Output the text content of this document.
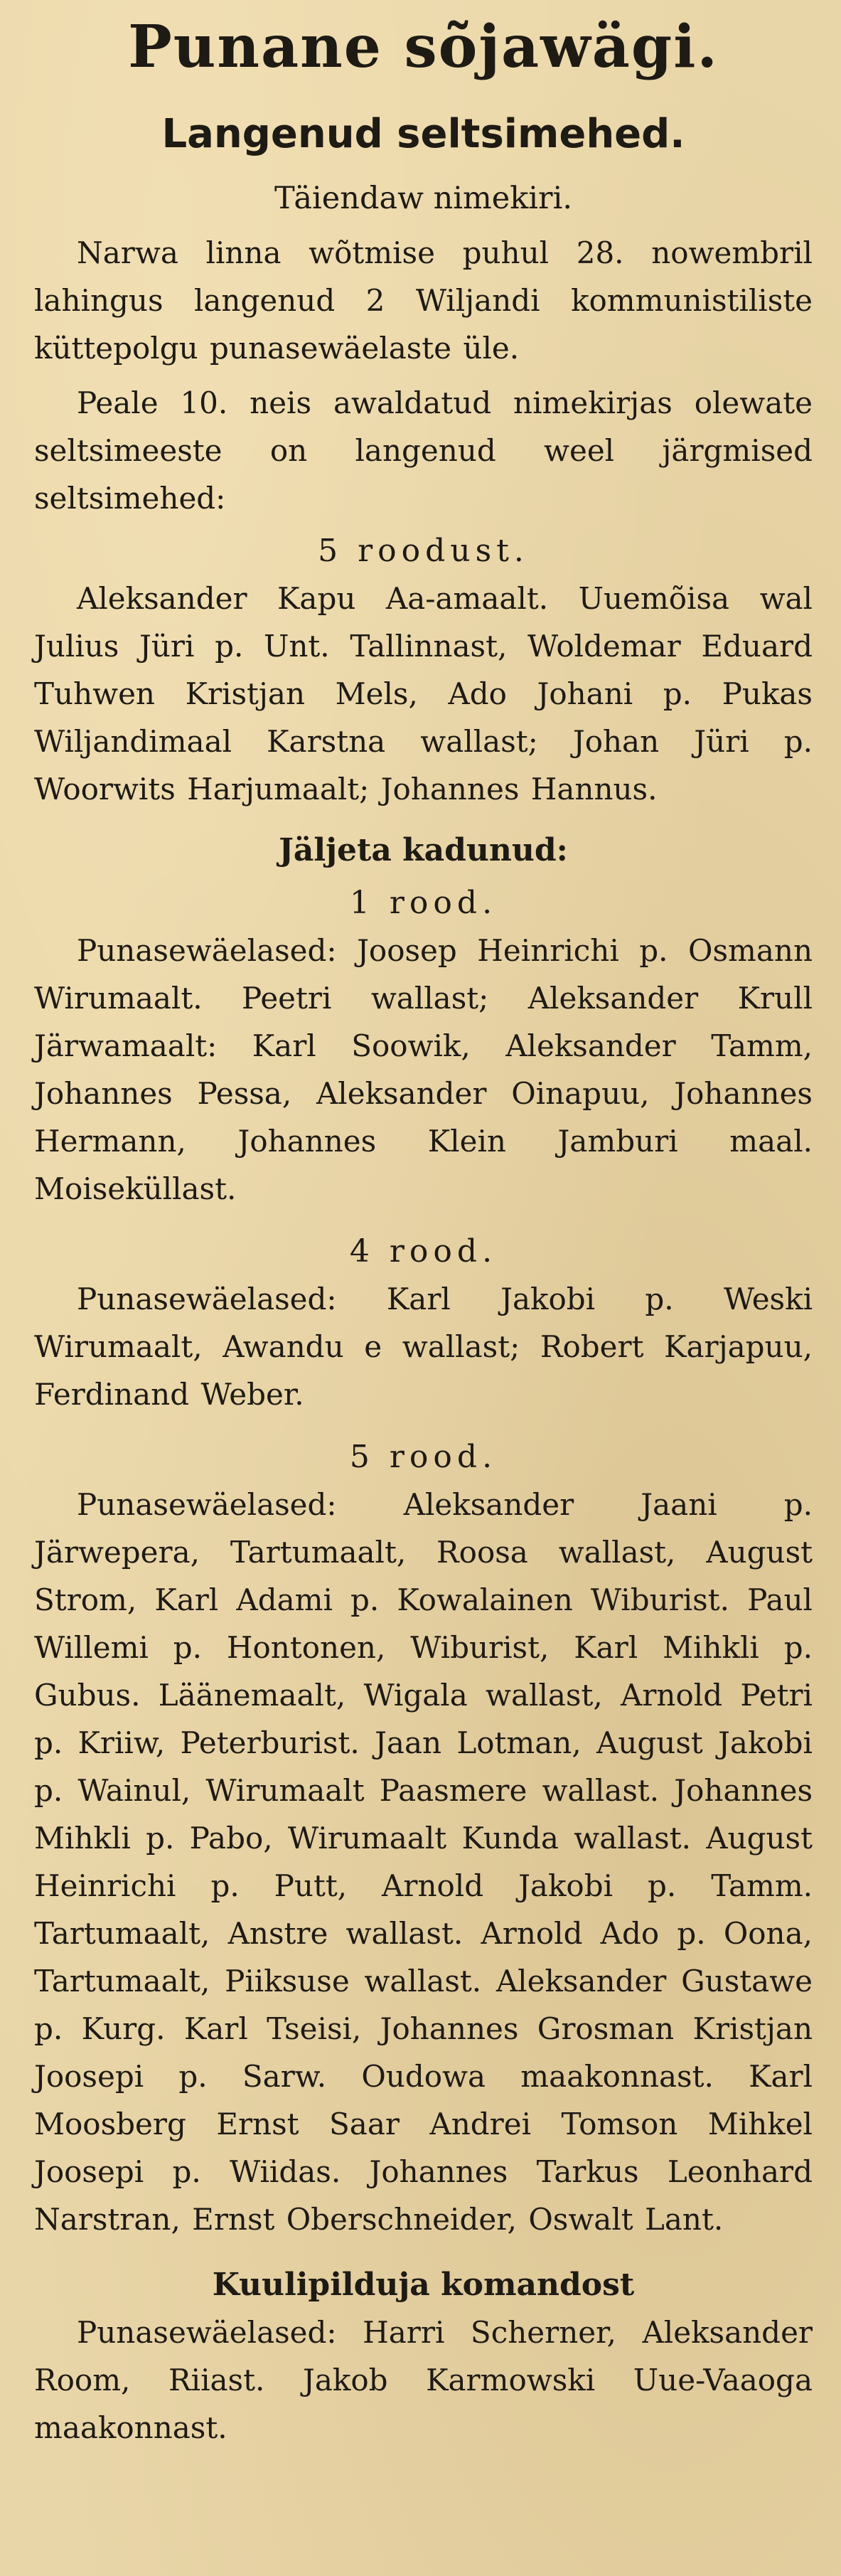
Punane sõjawägi.
Langenud seltsimehed.

Täiendaw nimekiri.

Narwa linna wõtmise puhul 28. nowembril lahingus langenud 2 Wiljandi kommunistiliste küttepolgu punasewäelaste üle.

Peale 10. neis awaldatud nimekirjas olewate seltsimeeste on langenud weel järgmised seltsimehed:

5 roodust.

Aleksander Kapu Aa-amaalt. Uuemõisa wal Julius Jüri p. Unt. Tallinnast, Woldemar Eduard Tuhwen Kristjan Mels, Ado Johani p. Pukas Wiljandimaal Karstna wallast; Johan Jüri p. Woorwits Harjumaalt; Johannes Hannus.

Jäljeta kadunud:

1 rood.

Punasewäelased: Joosep Heinrichi p. Osmann Wirumaalt. Peetri wallast; Aleksander Krull Järwamaalt: Karl Soowik, Aleksander Tamm, Johannes Pessa, Aleksander Oinapuu, Johannes Hermann, Johannes Klein Jamburi maal. Moiseküllast.

4 rood.

Punasewäelased: Karl Jakobi p. Weski Wirumaalt, Awandu e wallast; Robert Karjapuu, Ferdinand Weber.

5 rood.

Punasewäelased: Aleksander Jaani p. Järwepera, Tartumaalt, Roosa wallast, August Strom, Karl Adami p. Kowalainen Wiburist. Paul Willemi p. Hontonen, Wiburist, Karl Mihkli p. Gubus. Läänemaalt, Wigala wallast, Arnold Petri p. Kriiw, Peterburist. Jaan Lotman, August Jakobi p. Wainul, Wirumaalt Paasmere wallast. Johannes Mihkli p. Pabo, Wirumaalt Kunda wallast. August Heinrichi p. Putt, Arnold Jakobi p. Tamm. Tartumaalt, Anstre wallast. Arnold Ado p. Oona, Tartumaalt, Piiksuse wallast. Aleksander Gustawe p. Kurg. Karl Tseisi, Johannes Grosman Kristjan Joosepi p. Sarw. Oudowa maakonnast. Karl Moosberg Ernst Saar Andrei Tomson Mihkel Joosepi p. Wiidas. Johannes Tarkus Leonhard Narstran, Ernst Oberschneider, Oswalt Lant.

Kuulipilduja komandost

Punasewäelased: Harri Scherner, Aleksander Room, Riiast. Jakob Karmowski Uue-Vaaoga maakonnast.
